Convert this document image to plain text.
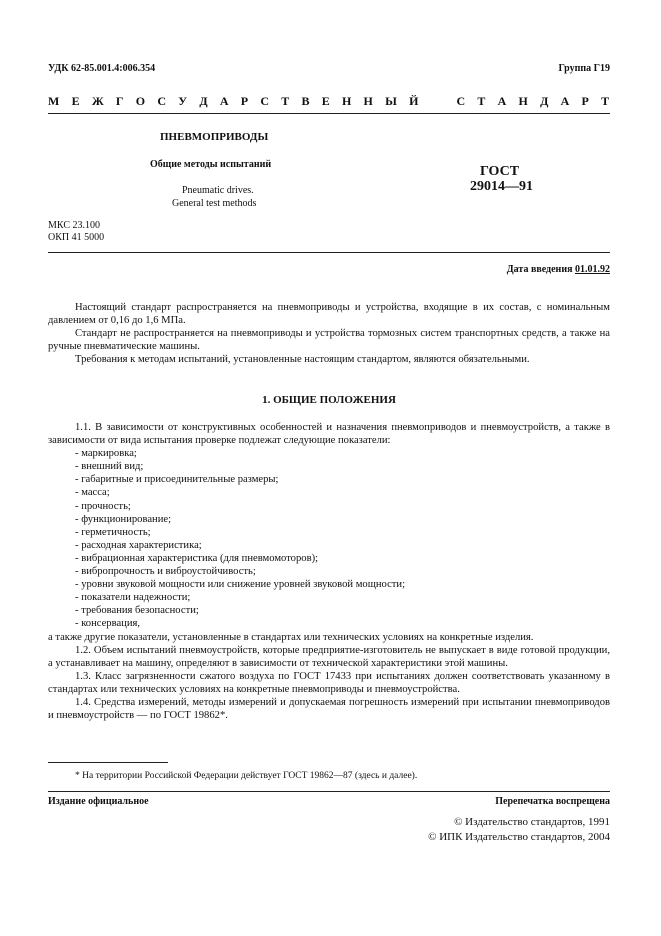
УДК 62-85.001.4:006.354	Группа Г19
М Е Ж Г О С У Д А Р С Т В Е Н Н Ы Й	С Т А Н Д А Р Т
ПНЕВМОПРИВОДЫ
Общие методы испытаний
Pneumatic drives.
General test methods
ГОСТ
29014—91
МКС 23.100
ОКП 41 5000
Дата введения 01.01.92

Настоящий стандарт распространяется на пневмоприводы и устройства, входящие в их состав, с номинальным давлением от 0,16 до 1,6 МПа.

Стандарт не распространяется на пневмоприводы и устройства тормозных систем транспортных средств, а также на ручные пневматические машины.

Требования к методам испытаний, установленные настоящим стандартом, являются обязательными.

1. ОБЩИЕ ПОЛОЖЕНИЯ

1.1. В зависимости от конструктивных особенностей и назначения пневмоприводов и пневмоустройств, а также в зависимости от вида испытания проверке подлежат следующие показатели:

- маркировка;
- внешний вид;
- габаритные и присоединительные размеры;
- масса;
- прочность;
- функционирование;
- герметичность;
- расходная характеристика;
- вибрационная характеристика (для пневмомоторов);
- вибропрочность и виброустойчивость;
- уровни звуковой мощности или снижение уровней звуковой мощности;
- показатели надежности;
- требования безопасности;
- консервация,

а также другие показатели, установленные в стандартах или технических условиях на конкретные изделия.

1.2. Объем испытаний пневмоустройств, которые предприятие-изготовитель не выпускает в виде готовой продукции, а устанавливает на машину, определяют в зависимости от технической характеристики этой машины.

1.3. Класс загрязненности сжатого воздуха по ГОСТ 17433 при испытаниях должен соответствовать указанному в стандартах или технических условиях на конкретные пневмоприводы и пневмоустройства.

1.4. Средства измерений, методы измерений и допускаемая погрешность измерений при испытании пневмоприводов и пневмоустройств — по ГОСТ 19862*.

* На территории Российской Федерации действует ГОСТ 19862—87 (здесь и далее).
Издание официальное	Перепечатка воспрещена
© Издательство стандартов, 1991
© ИПК Издательство стандартов, 2004
